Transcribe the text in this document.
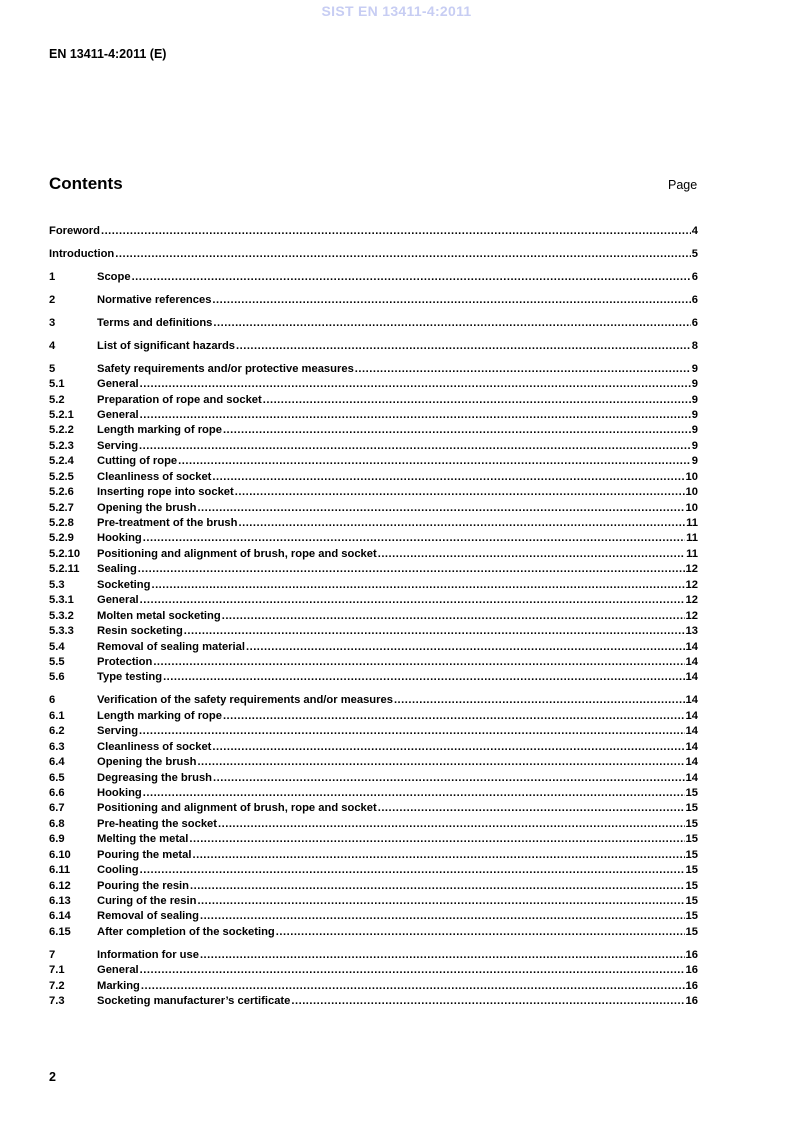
SIST EN 13411-4:2011
EN 13411-4:2011 (E)
Contents	Page
Foreword .....	4
Introduction .....	5
1	Scope .....	6
2	Normative references .....	6
3	Terms and definitions .....	6
4	List of significant hazards .....	8
5	Safety requirements and/or protective measures .....	9
5.1	General .....	9
5.2	Preparation of rope and socket .....	9
5.2.1	General .....	9
5.2.2	Length marking of rope .....	9
5.2.3	Serving .....	9
5.2.4	Cutting of rope .....	9
5.2.5	Cleanliness of socket .....	10
5.2.6	Inserting rope into socket .....	10
5.2.7	Opening the brush .....	10
5.2.8	Pre-treatment of the brush .....	11
5.2.9	Hooking .....	11
5.2.10	Positioning and alignment of brush, rope and socket .....	11
5.2.11	Sealing .....	12
5.3	Socketing .....	12
5.3.1	General .....	12
5.3.2	Molten metal socketing .....	12
5.3.3	Resin socketing .....	13
5.4	Removal of sealing material .....	14
5.5	Protection .....	14
5.6	Type testing .....	14
6	Verification of the safety requirements and/or measures .....	14
6.1	Length marking of rope .....	14
6.2	Serving .....	14
6.3	Cleanliness of socket .....	14
6.4	Opening the brush .....	14
6.5	Degreasing the brush .....	14
6.6	Hooking .....	15
6.7	Positioning and alignment of brush, rope and socket .....	15
6.8	Pre-heating the socket .....	15
6.9	Melting the metal .....	15
6.10	Pouring the metal .....	15
6.11	Cooling .....	15
6.12	Pouring the resin .....	15
6.13	Curing of the resin .....	15
6.14	Removal of sealing .....	15
6.15	After completion of the socketing .....	15
7	Information for use .....	16
7.1	General .....	16
7.2	Marking .....	16
7.3	Socketing manufacturer’s certificate .....	16
2
